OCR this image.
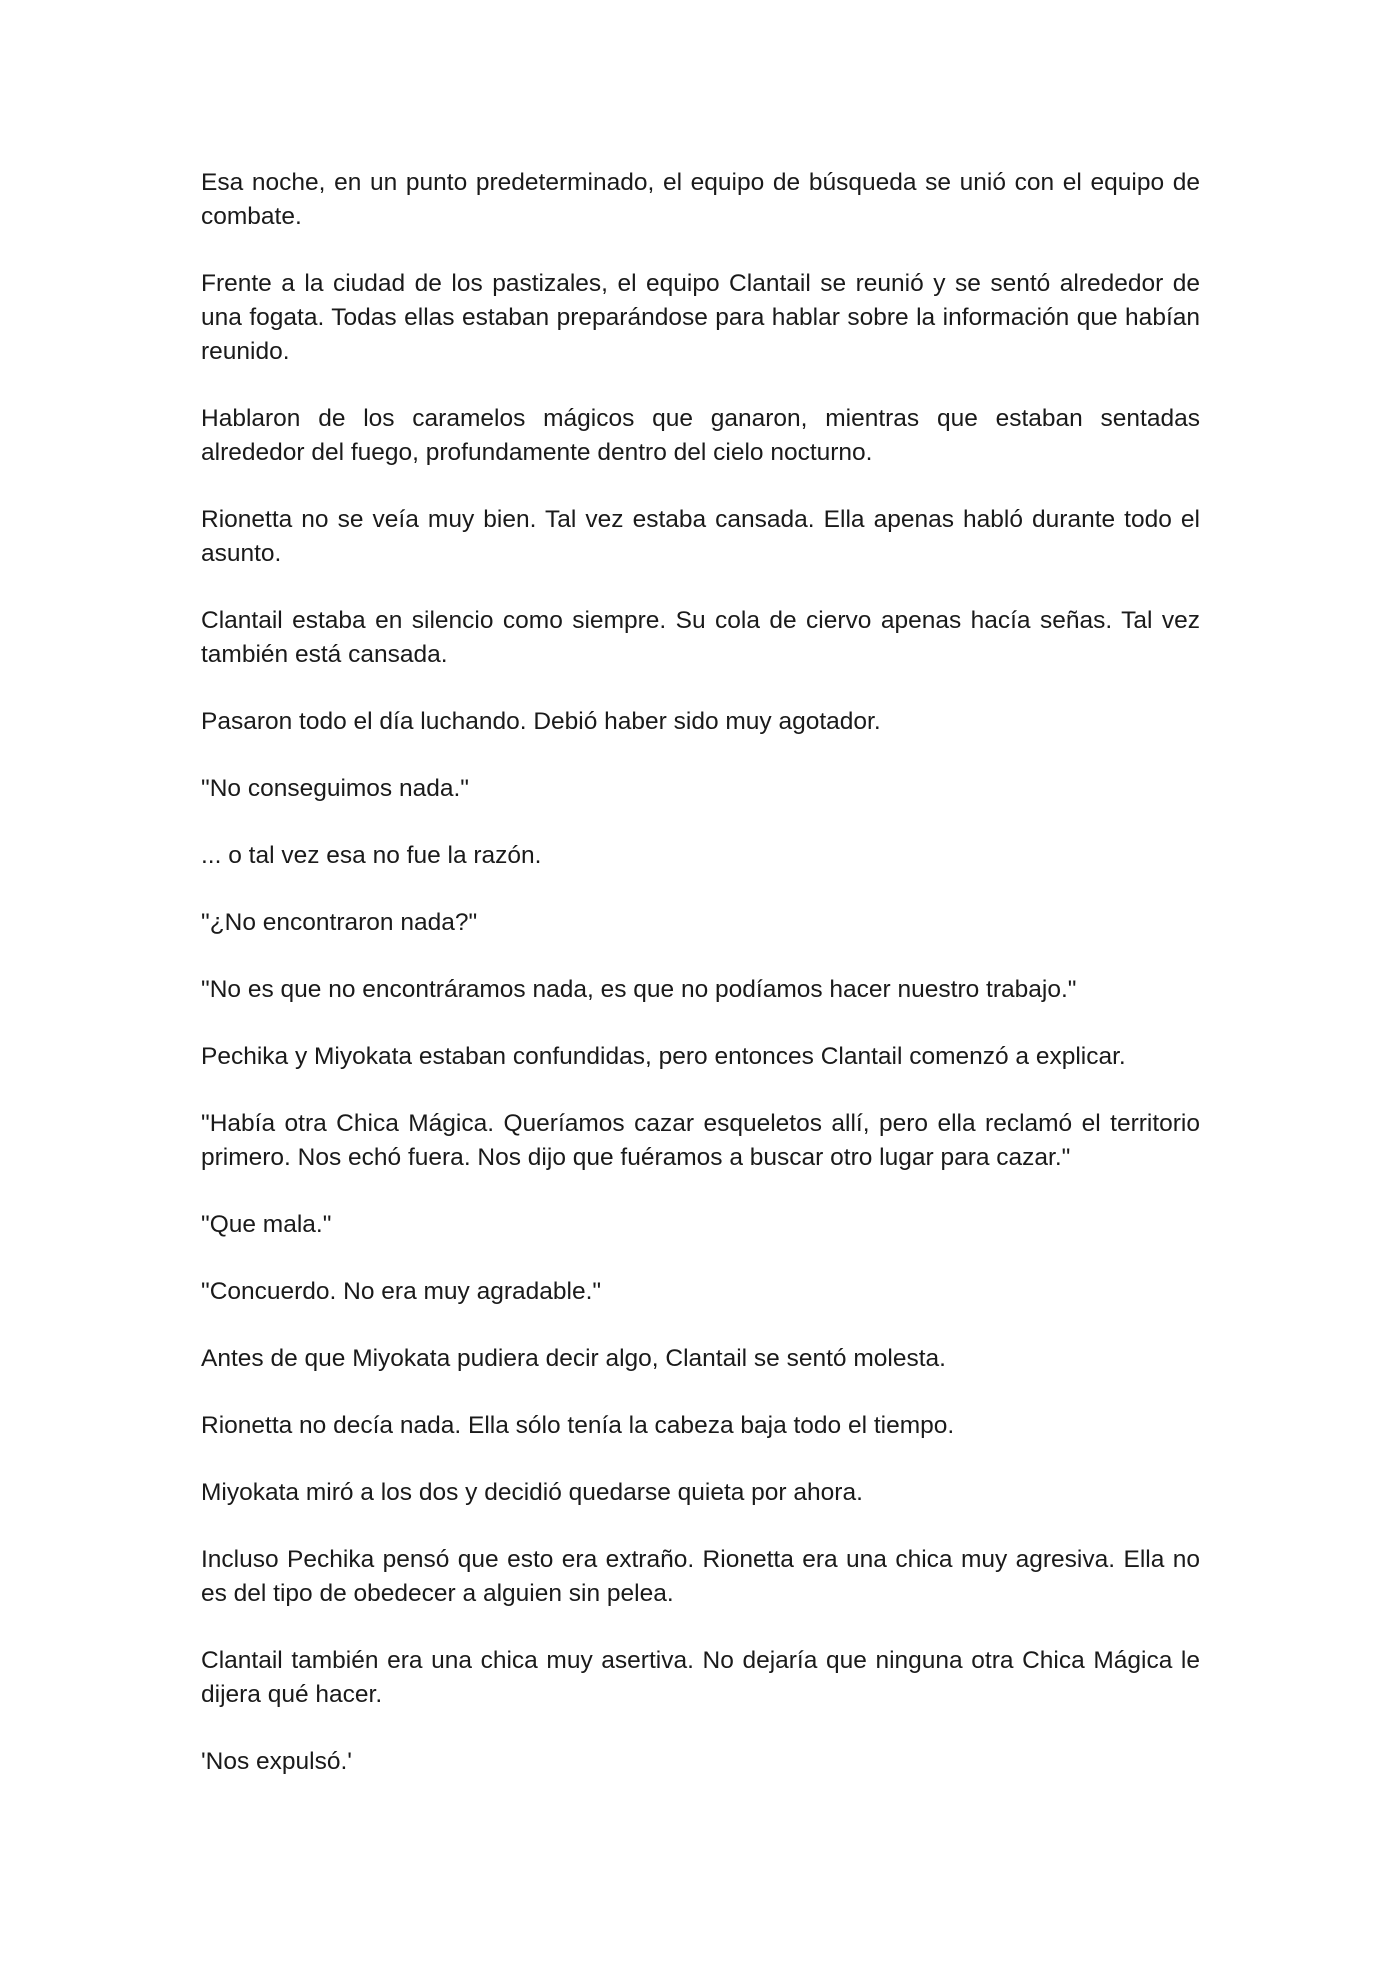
Esa noche, en un punto predeterminado, el equipo de búsqueda se unió con el equipo de combate.

Frente a la ciudad de los pastizales, el equipo Clantail se reunió y se sentó alrededor de una fogata. Todas ellas estaban preparándose para hablar sobre la información que habían reunido.

Hablaron de los caramelos mágicos que ganaron, mientras que estaban sentadas alrededor del fuego, profundamente dentro del cielo nocturno.

Rionetta no se veía muy bien. Tal vez estaba cansada. Ella apenas habló durante todo el asunto.

Clantail estaba en silencio como siempre. Su cola de ciervo apenas hacía señas. Tal vez también está cansada.

Pasaron todo el día luchando. Debió haber sido muy agotador.

"No conseguimos nada."

... o tal vez esa no fue la razón.

"¿No encontraron nada?"

"No es que no encontráramos nada, es que no podíamos hacer nuestro trabajo."

Pechika y Miyokata estaban confundidas, pero entonces Clantail comenzó a explicar.

"Había otra Chica Mágica. Queríamos cazar esqueletos allí, pero ella reclamó el territorio primero. Nos echó fuera. Nos dijo que fuéramos a buscar otro lugar para cazar."

"Que mala."

"Concuerdo. No era muy agradable."

Antes de que Miyokata pudiera decir algo, Clantail se sentó molesta.

Rionetta no decía nada. Ella sólo tenía la cabeza baja todo el tiempo.

Miyokata miró a los dos y decidió quedarse quieta por ahora.

Incluso Pechika pensó que esto era extraño. Rionetta era una chica muy agresiva. Ella no es del tipo de obedecer a alguien sin pelea.

Clantail también era una chica muy asertiva. No dejaría que ninguna otra Chica Mágica le dijera qué hacer.

'Nos expulsó.'
